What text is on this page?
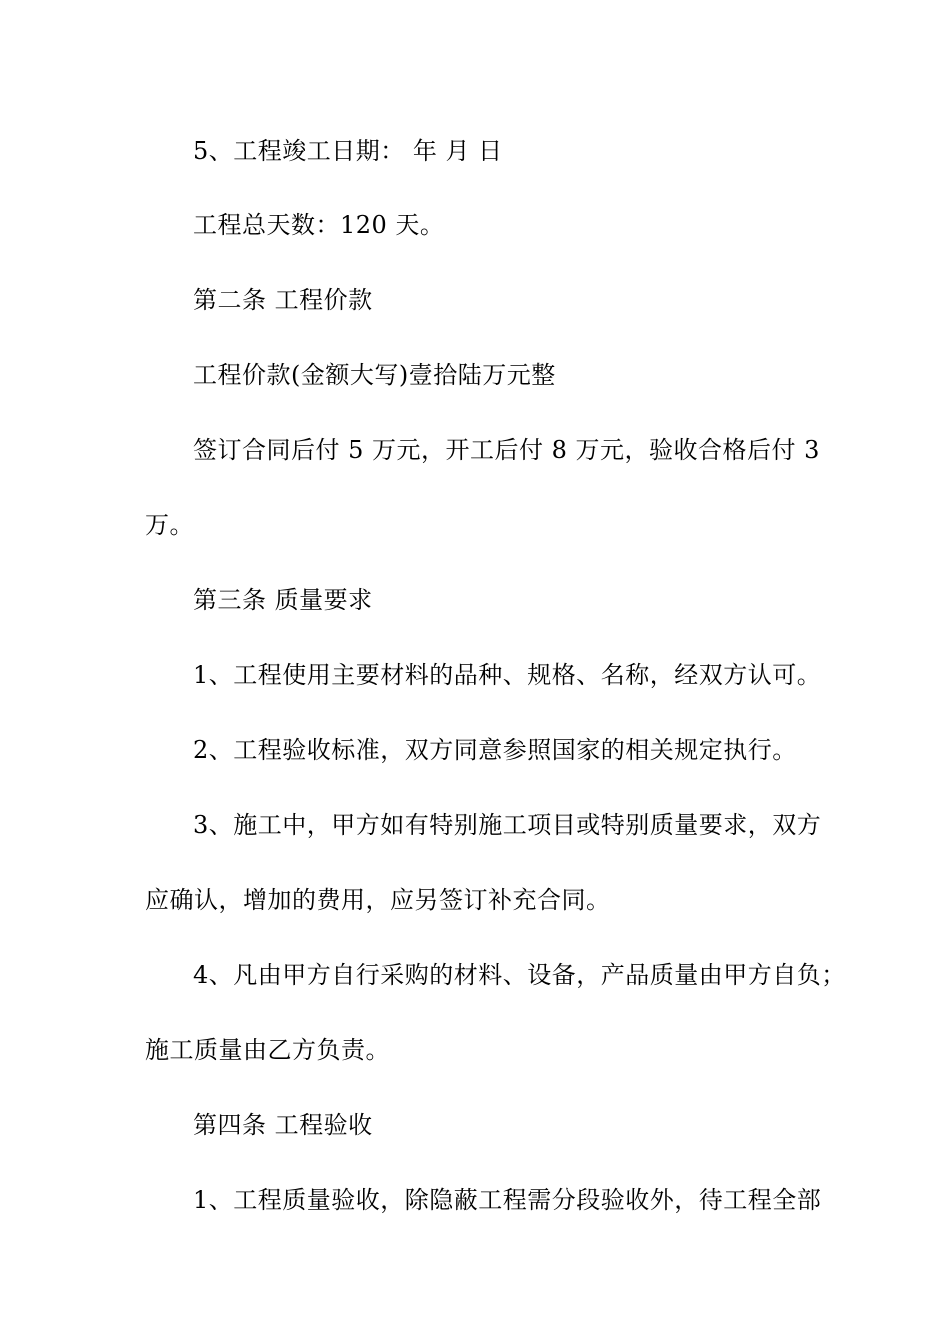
5、工程竣工日期： 年 月 日
工程总天数：120 天。
第二条 工程价款
工程价款(金额大写)壹拾陆万元整
签订合同后付 5 万元，开工后付 8 万元，验收合格后付 3
万。
第三条 质量要求
1、工程使用主要材料的品种、规格、名称，经双方认可。
2、工程验收标准，双方同意参照国家的相关规定执行。
3、施工中，甲方如有特别施工项目或特别质量要求，双方
应确认，增加的费用，应另签订补充合同。
4、凡由甲方自行采购的材料、设备，产品质量由甲方自负；
施工质量由乙方负责。
第四条 工程验收
1、工程质量验收，除隐蔽工程需分段验收外，待工程全部
